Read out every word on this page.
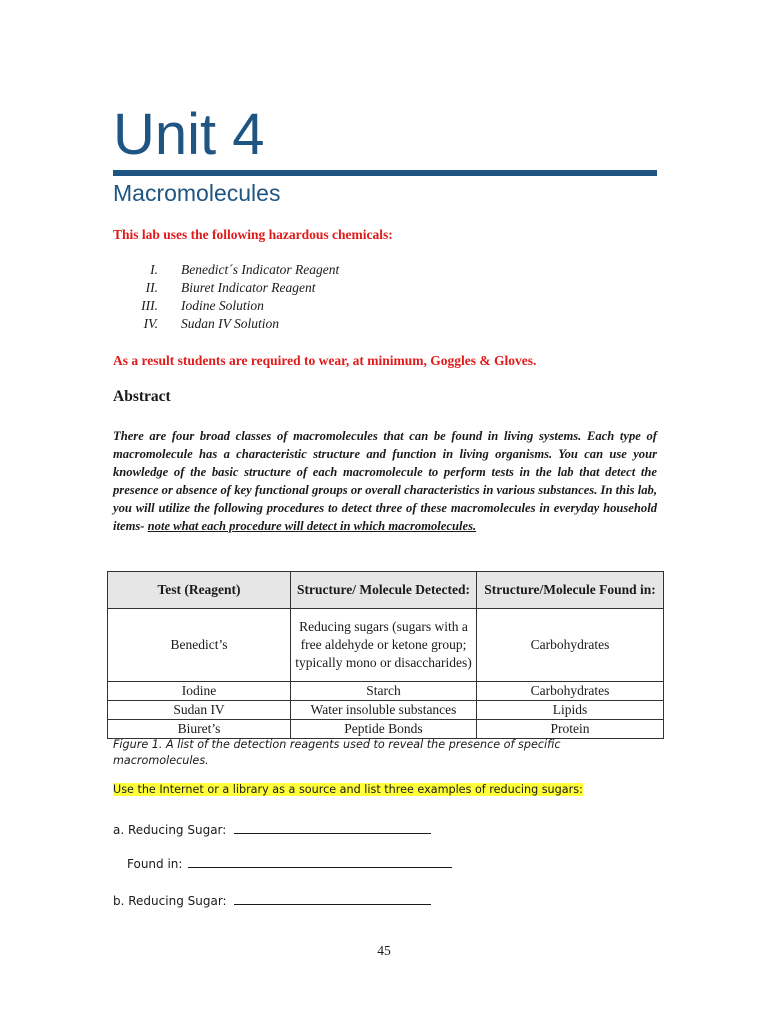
Unit 4
Macromolecules

This lab uses the following hazardous chemicals:

I. Benedict´s Indicator Reagent
II. Biuret Indicator Reagent
III. Iodine Solution
IV. Sudan IV Solution

As a result students are required to wear, at minimum, Goggles & Gloves.

Abstract

There are four broad classes of macromolecules that can be found in living systems. Each type of macromolecule has a characteristic structure and function in living organisms. You can use your knowledge of the basic structure of each macromolecule to perform tests in the lab that detect the presence or absence of key functional groups or overall characteristics in various substances. In this lab, you will utilize the following procedures to detect three of these macromolecules in everyday household items- note what each procedure will detect in which macromolecules.

Test (Reagent)	Structure/ Molecule Detected:	Structure/Molecule Found in:
Benedict’s	Reducing sugars (sugars with a free aldehyde or ketone group; typically mono or disaccharides)	Carbohydrates
Iodine	Starch	Carbohydrates
Sudan IV	Water insoluble substances	Lipids
Biuret’s	Peptide Bonds	Protein

Figure 1. A list of the detection reagents used to reveal the presence of specific macromolecules.

Use the Internet or a library as a source and list three examples of reducing sugars:

a. Reducing Sugar:

Found in:

b. Reducing Sugar:

45
